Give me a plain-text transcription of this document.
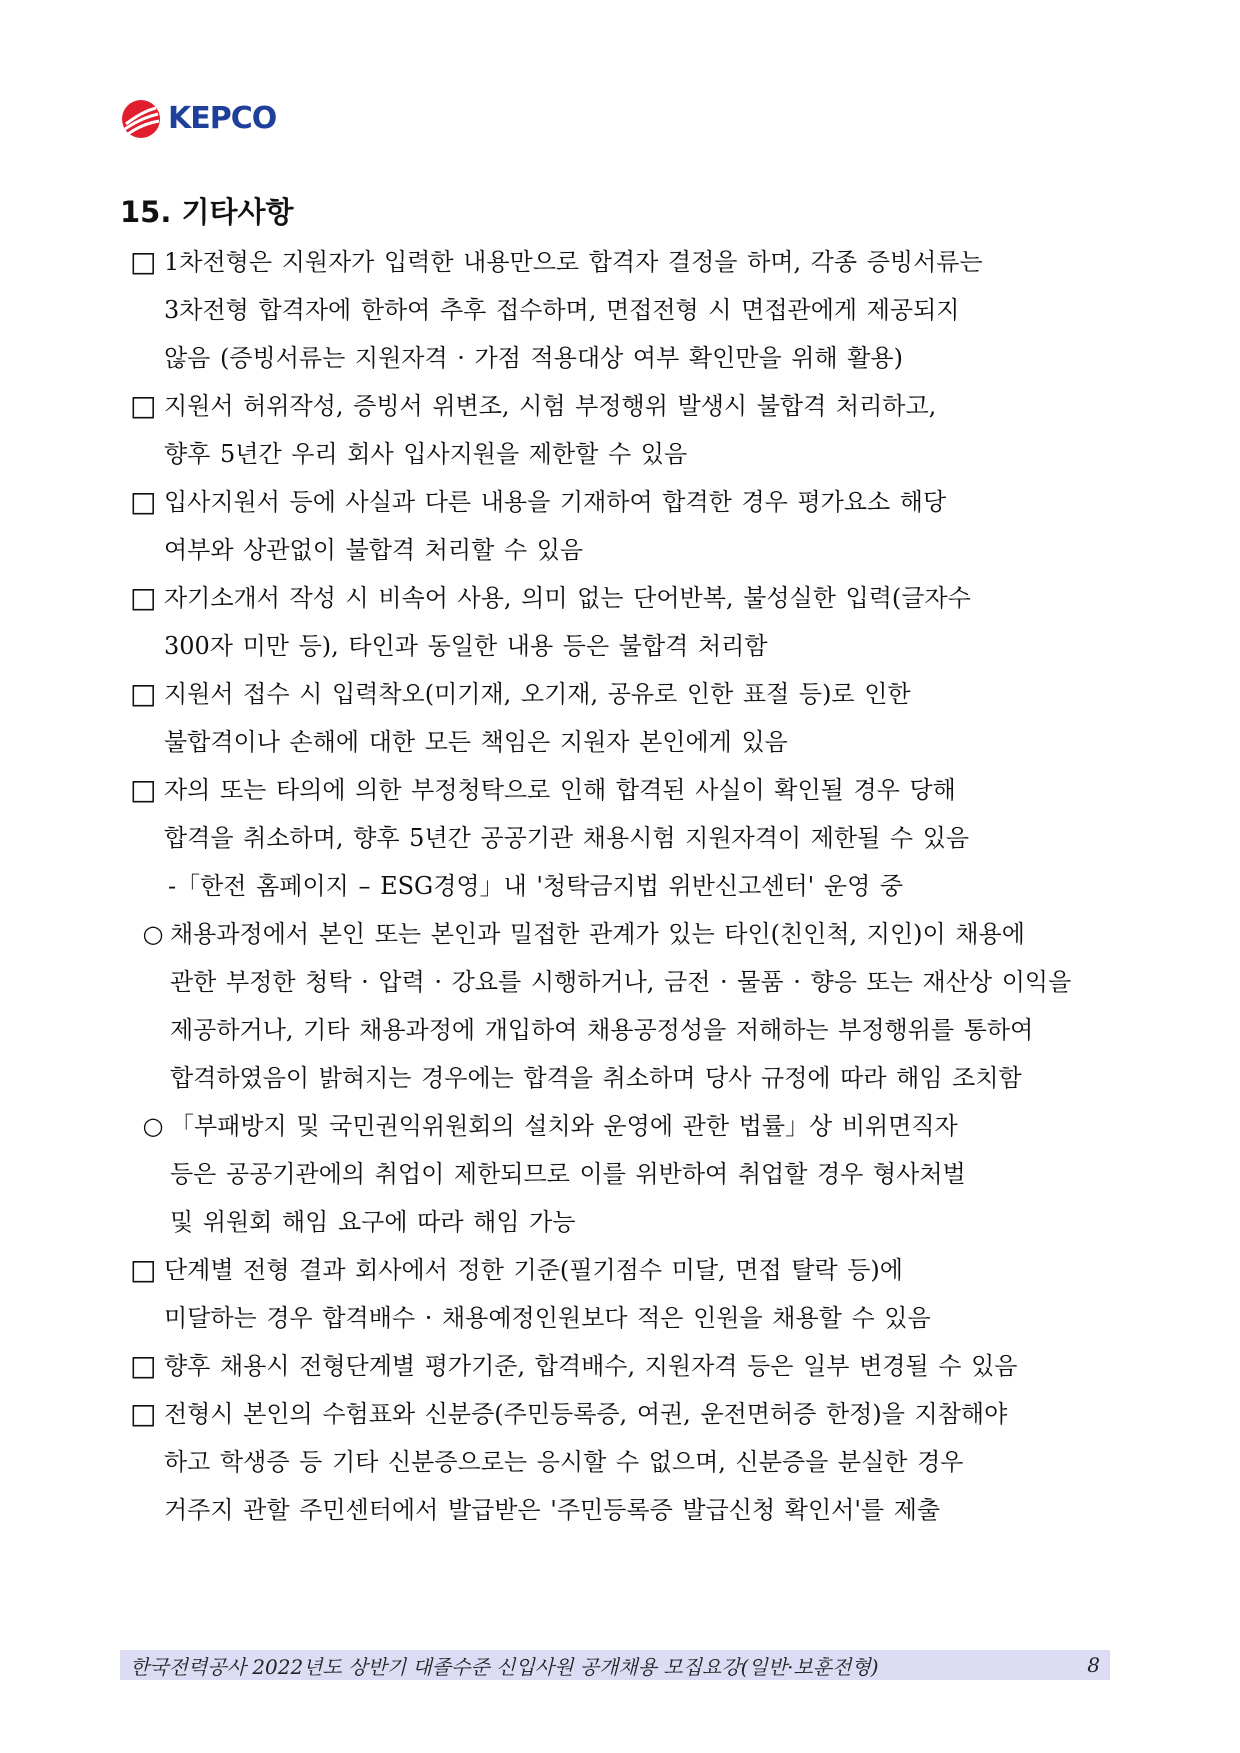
KEPCO
15. 기타사항
□ 1차전형은 지원자가 입력한 내용만으로 합격자 결정을 하며, 각종 증빙서류는
3차전형 합격자에 한하여 추후 접수하며, 면접전형 시 면접관에게 제공되지
않음 (증빙서류는 지원자격 · 가점 적용대상 여부 확인만을 위해 활용)
□ 지원서 허위작성, 증빙서 위변조, 시험 부정행위 발생시 불합격 처리하고,
향후 5년간 우리 회사 입사지원을 제한할 수 있음
□ 입사지원서 등에 사실과 다른 내용을 기재하여 합격한 경우 평가요소 해당
여부와 상관없이 불합격 처리할 수 있음
□ 자기소개서 작성 시 비속어 사용, 의미 없는 단어반복, 불성실한 입력(글자수
300자 미만 등), 타인과 동일한 내용 등은 불합격 처리함
□ 지원서 접수 시 입력착오(미기재, 오기재, 공유로 인한 표절 등)로 인한
불합격이나 손해에 대한 모든 책임은 지원자 본인에게 있음
□ 자의 또는 타의에 의한 부정청탁으로 인해 합격된 사실이 확인될 경우 당해
합격을 취소하며, 향후 5년간 공공기관 채용시험 지원자격이 제한될 수 있음
-「한전 홈페이지 – ESG경영」내 '청탁금지법 위반신고센터' 운영 중
○ 채용과정에서 본인 또는 본인과 밀접한 관계가 있는 타인(친인척, 지인)이 채용에
관한 부정한 청탁 · 압력 · 강요를 시행하거나, 금전 · 물품 · 향응 또는 재산상 이익을
제공하거나, 기타 채용과정에 개입하여 채용공정성을 저해하는 부정행위를 통하여
합격하였음이 밝혀지는 경우에는 합격을 취소하며 당사 규정에 따라 해임 조치함
○ 「부패방지 및 국민권익위원회의 설치와 운영에 관한 법률」상 비위면직자
등은 공공기관에의 취업이 제한되므로 이를 위반하여 취업할 경우 형사처벌
및 위원회 해임 요구에 따라 해임 가능
□ 단계별 전형 결과 회사에서 정한 기준(필기점수 미달, 면접 탈락 등)에
미달하는 경우 합격배수 · 채용예정인원보다 적은 인원을 채용할 수 있음
□ 향후 채용시 전형단계별 평가기준, 합격배수, 지원자격 등은 일부 변경될 수 있음
□ 전형시 본인의 수험표와 신분증(주민등록증, 여권, 운전면허증 한정)을 지참해야
하고 학생증 등 기타 신분증으로는 응시할 수 없으며, 신분증을 분실한 경우
거주지 관할 주민센터에서 발급받은 '주민등록증 발급신청 확인서'를 제출
한국전력공사 2022년도 상반기 대졸수준 신입사원 공개채용 모집요강(일반·보훈전형)	8
